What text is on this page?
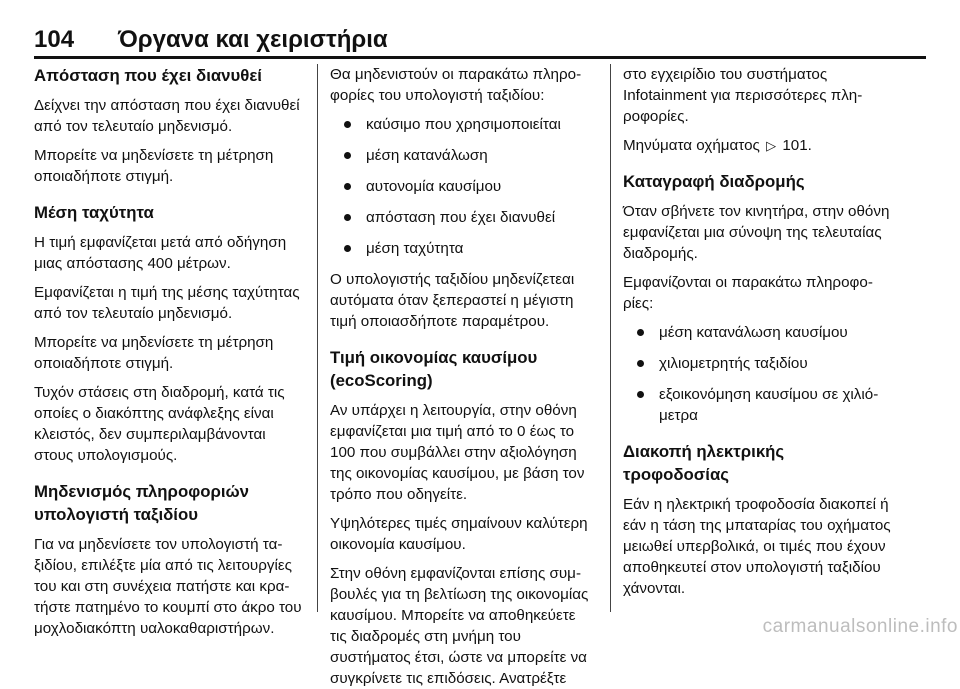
104 Όργανα και χειριστήρια
Απόσταση που έχει διανυθεί

Δείχνει την απόσταση που έχει διανυθεί από τον τελευταίο μηδενισμό.

Μπορείτε να μηδενίσετε τη μέτρηση οποιαδήποτε στιγμή.

Μέση ταχύτητα

Η τιμή εμφανίζεται μετά από οδήγηση μιας απόστασης 400 μέτρων.

Εμφανίζεται η τιμή της μέσης ταχύτητας από τον τελευταίο μηδενισμό.

Μπορείτε να μηδενίσετε τη μέτρηση οποιαδήποτε στιγμή.

Τυχόν στάσεις στη διαδρομή, κατά τις οποίες ο διακόπτης ανάφλεξης είναι κλειστός, δεν συμπεριλαμβάνονται στους υπολογισμούς.

Μηδενισμός πληροφοριών υπολογιστή ταξιδίου

Για να μηδενίσετε τον υπολογιστή ταξιδίου, επιλέξτε μία από τις λειτουργίες του και στη συνέχεια πατήστε και κρατήστε πατημένο το κουμπί στο άκρο του μοχλοδιακόπτη υαλοκαθαριστήρων.

Θα μηδενιστούν οι παρακάτω πληροφορίες του υπολογιστή ταξιδίου:

καύσιμο που χρησιμοποιείται
μέση κατανάλωση
αυτονομία καυσίμου
απόσταση που έχει διανυθεί
μέση ταχύτητα

Ο υπολογιστής ταξιδίου μηδενίζετεαι αυτόματα όταν ξεπεραστεί η μέγιστη τιμή οποιασδήποτε παραμέτρου.

Τιμή οικονομίας καυσίμου (ecoScoring)

Αν υπάρχει η λειτουργία, στην οθόνη εμφανίζεται μια τιμή από το 0 έως το 100 που συμβάλλει στην αξιολόγηση της οικονομίας καυσίμου, με βάση τον τρόπο που οδηγείτε.

Υψηλότερες τιμές σημαίνουν καλύτερη οικονομία καυσίμου.

Στην οθόνη εμφανίζονται επίσης συμβουλές για τη βελτίωση της οικονομίας καυσίμου. Μπορείτε να αποθηκεύετε τις διαδρομές στη μνήμη του συστήματος έτσι, ώστε να μπορείτε να συγκρίνετε τις επιδόσεις. Ανατρέξτε

στο εγχειρίδιο του συστήματος Infotainment για περισσότερες πληροφορίες.

Μηνύματα οχήματος ▷ 101.

Καταγραφή διαδρομής

Όταν σβήνετε τον κινητήρα, στην οθόνη εμφανίζεται μια σύνοψη της τελευταίας διαδρομής.

Εμφανίζονται οι παρακάτω πληροφορίες:

μέση κατανάλωση καυσίμου
χιλιομετρητής ταξιδίου
εξοικονόμηση καυσίμου σε χιλιόμετρα
Διακοπή ηλεκτρικής τροφοδοσίας

Εάν η ηλεκτρική τροφοδοσία διακοπεί ή εάν η τάση της μπαταρίας του οχήματος μειωθεί υπερβολικά, οι τιμές που έχουν αποθηκευτεί στον υπολογιστή ταξιδίου χάνονται.

carmanualsonline.info
